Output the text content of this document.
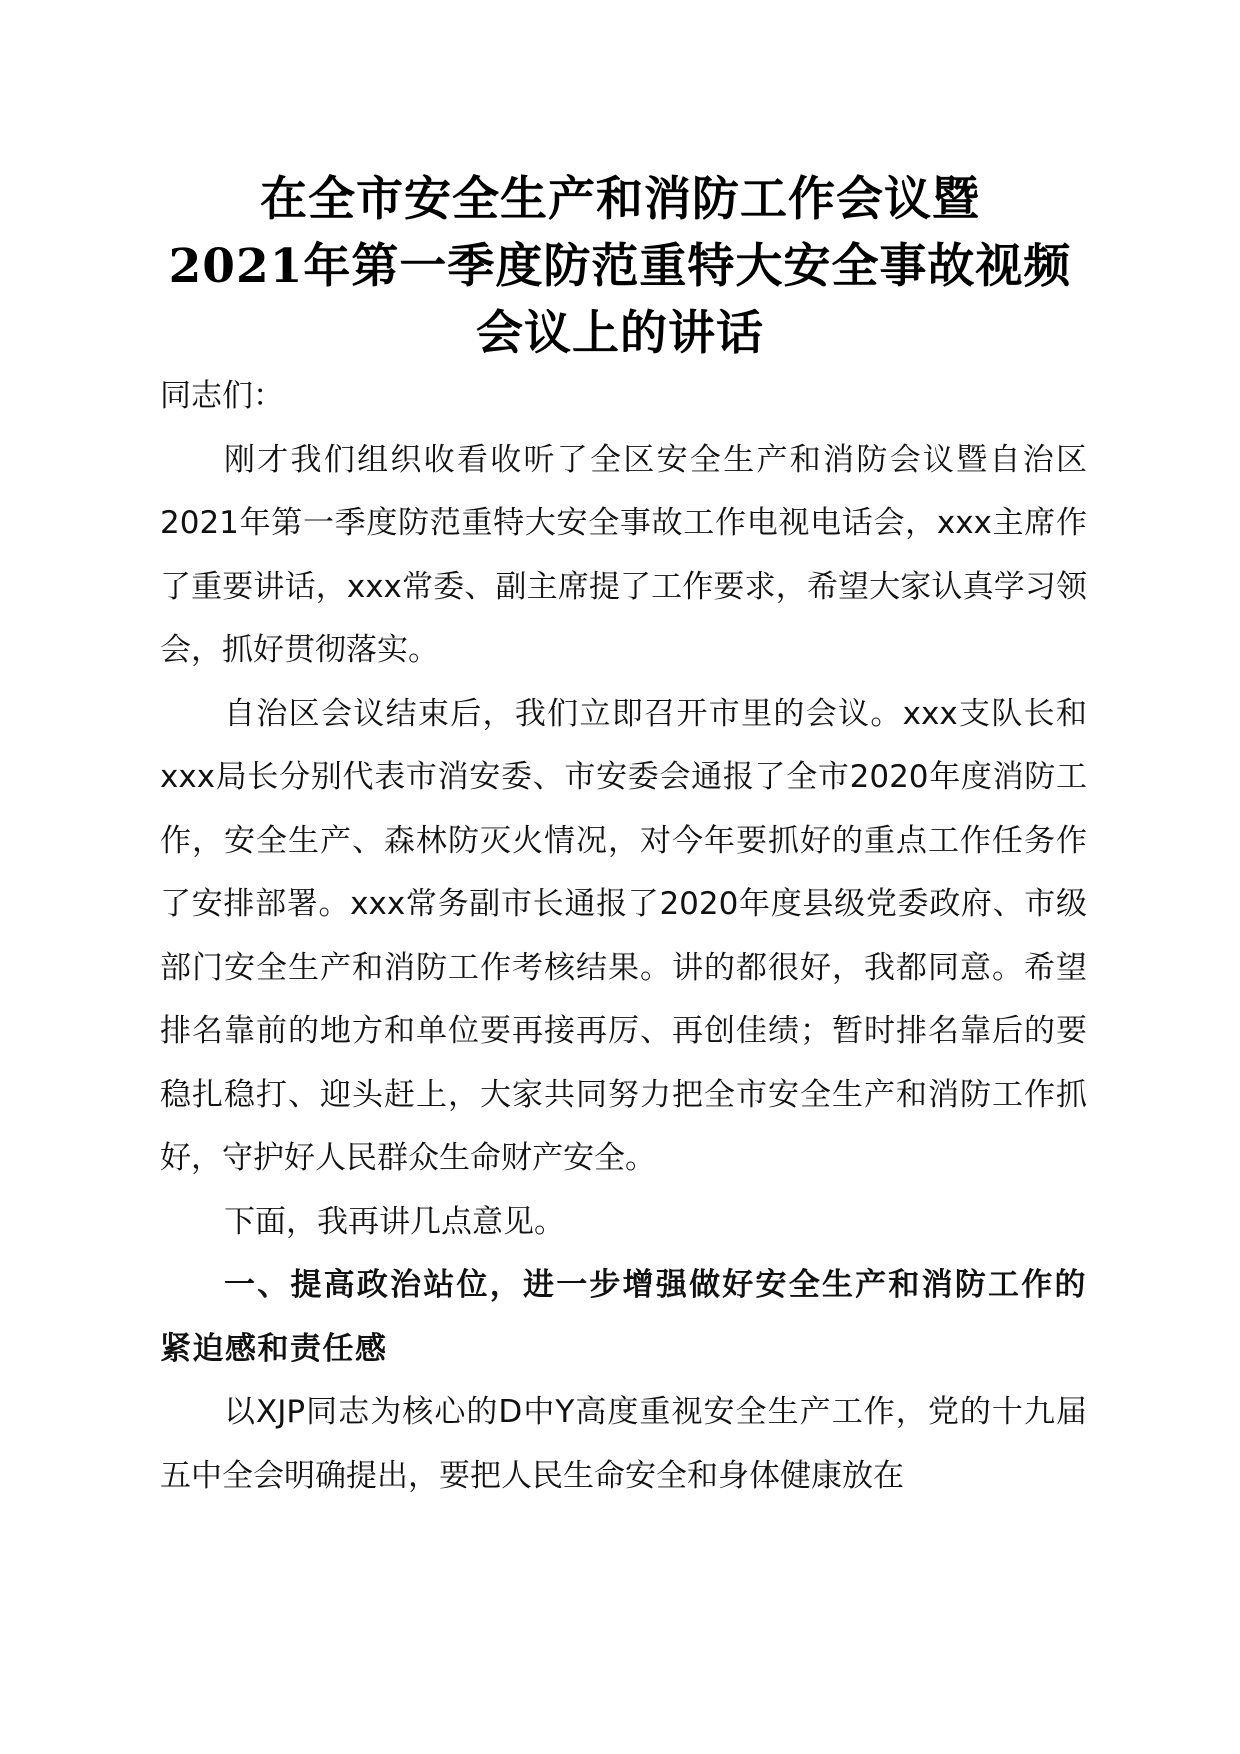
在全市安全生产和消防工作会议暨
2021年第一季度防范重特大安全事故视频
会议上的讲话

同志们：

刚才我们组织收看收听了全区安全生产和消防会议暨自治区2021年第一季度防范重特大安全事故工作电视电话会，xxx主席作了重要讲话，xxx常委、副主席提了工作要求，希望大家认真学习领会，抓好贯彻落实。

自治区会议结束后，我们立即召开市里的会议。xxx支队长和xxx局长分别代表市消安委、市安委会通报了全市2020年度消防工作，安全生产、森林防灭火情况，对今年要抓好的重点工作任务作了安排部署。xxx常务副市长通报了2020年度县级党委政府、市级部门安全生产和消防工作考核结果。讲的都很好，我都同意。希望排名靠前的地方和单位要再接再厉、再创佳绩；暂时排名靠后的要稳扎稳打、迎头赶上，大家共同努力把全市安全生产和消防工作抓好，守护好人民群众生命财产安全。

下面，我再讲几点意见。

一、提高政治站位，进一步增强做好安全生产和消防工作的紧迫感和责任感

以XJP同志为核心的D中Y高度重视安全生产工作，党的十九届五中全会明确提出，要把人民生命安全和身体健康放在
